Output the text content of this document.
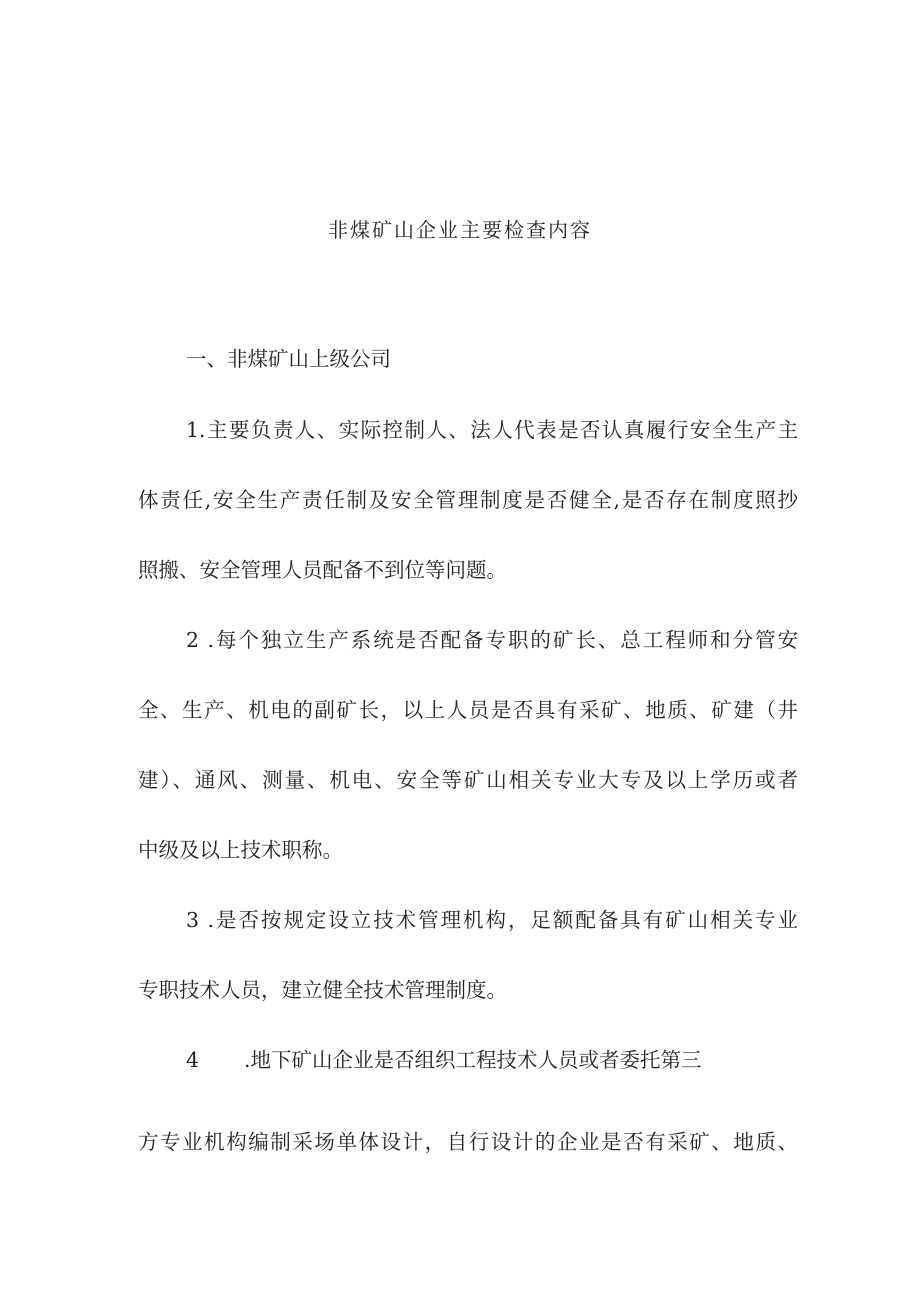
非煤矿山企业主要检查内容
一、非煤矿山上级公司
1.主要负责人、实际控制人、法人代表是否认真履行安全生产主
体责任,安全生产责任制及安全管理制度是否健全,是否存在制度照抄
照搬、安全管理人员配备不到位等问题。
2 .每个独立生产系统是否配备专职的矿长、总工程师和分管安
全、生产、机电的副矿长，以上人员是否具有采矿、地质、矿建（井
建）、通风、测量、机电、安全等矿山相关专业大专及以上学历或者
中级及以上技术职称。
3 .是否按规定设立技术管理机构，足额配备具有矿山相关专业
专职技术人员，建立健全技术管理制度。
4 .地下矿山企业是否组织工程技术人员或者委托第三
方专业机构编制采场单体设计，自行设计的企业是否有采矿、地质、
